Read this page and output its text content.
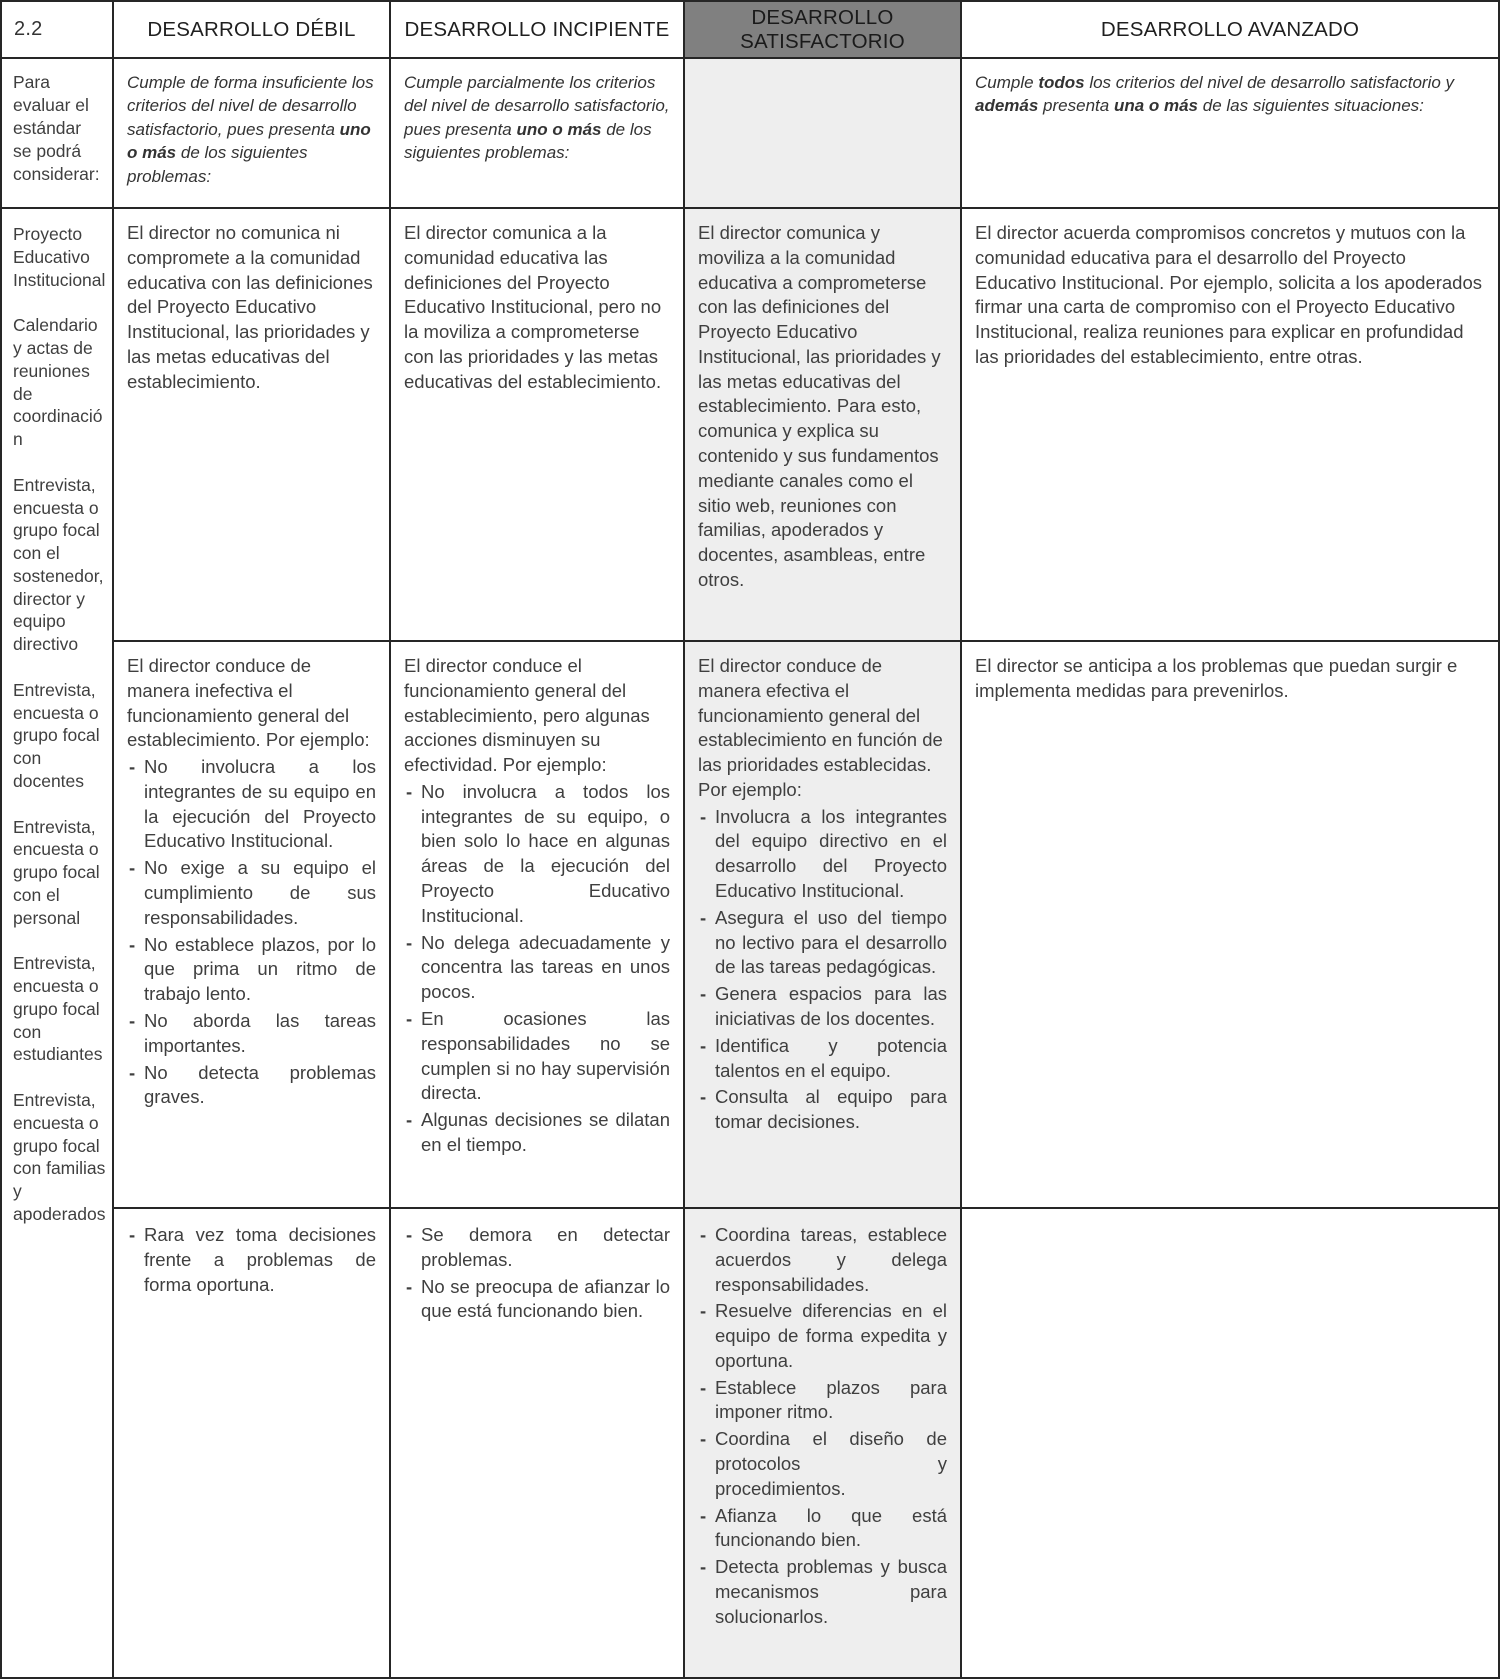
2.2	DESARROLLO DÉBIL	DESARROLLO INCIPIENTE
DESARROLLO SATISFACTORIO
DESARROLLO AVANZADO
Para evaluar el estándar se podrá considerar:
Cumple de forma insuficiente los criterios del nivel de desarrollo satisfactorio, pues presenta uno o más de los siguientes problemas:
Cumple parcialmente los criterios del nivel de desarrollo satisfactorio, pues presenta uno o más de los siguientes problemas:
Cumple todos los criterios del nivel de desarrollo satisfactorio y además presenta una o más de las siguientes situaciones:
Proyecto Educativo Institucional
Calendario y actas de reuniones de coordinación
Entrevista, encuesta o grupo focal con el sostenedor, director y equipo directivo
Entrevista, encuesta o grupo focal con docentes
Entrevista, encuesta o grupo focal con el personal
Entrevista, encuesta o grupo focal con estudiantes
Entrevista, encuesta o grupo focal con familias y apoderados
El director no comunica ni compromete a la comunidad educativa con las definiciones del Proyecto Educativo Institucional, las prioridades y las metas educativas del establecimiento.
El director comunica a la comunidad educativa las definiciones del Proyecto Educativo Institucional, pero no la moviliza a comprometerse con las prioridades y las metas educativas del establecimiento.
El director comunica y moviliza a la comunidad educativa a comprometerse con las definiciones del Proyecto Educativo Institucional, las prioridades y las metas educativas del establecimiento. Para esto, comunica y explica su contenido y sus fundamentos mediante canales como el sitio web, reuniones con familias, apoderados y docentes, asambleas, entre otros.
El director acuerda compromisos concretos y mutuos con la comunidad educativa para el desarrollo del Proyecto Educativo Institucional. Por ejemplo, solicita a los apoderados firmar una carta de compromiso con el Proyecto Educativo Institucional, realiza reuniones para explicar en profundidad las prioridades del establecimiento, entre otras.
El director conduce de manera inefectiva el funcionamiento general del establecimiento. Por ejemplo:
- No involucra a los integrantes de su equipo en la ejecución del Proyecto Educativo Institucional.
- No exige a su equipo el cumplimiento de sus responsabilidades.
- No establece plazos, por lo que prima un ritmo de trabajo lento.
- No aborda las tareas importantes.
- No detecta problemas graves.
El director conduce el funcionamiento general del establecimiento, pero algunas acciones disminuyen su efectividad. Por ejemplo:
- No involucra a todos los integrantes de su equipo, o bien solo lo hace en algunas áreas de la ejecución del Proyecto Educativo Institucional.
- No delega adecuadamente y concentra las tareas en unos pocos.
- En ocasiones las responsabilidades no se cumplen si no hay supervisión directa.
- Algunas decisiones se dilatan en el tiempo.
El director conduce de manera efectiva el funcionamiento general del establecimiento en función de las prioridades establecidas. Por ejemplo:
- Involucra a los integrantes del equipo directivo en el desarrollo del Proyecto Educativo Institucional.
- Asegura el uso del tiempo no lectivo para el desarrollo de las tareas pedagógicas.
- Genera espacios para las iniciativas de los docentes.
- Identifica y potencia talentos en el equipo.
- Consulta al equipo para tomar decisiones.
El director se anticipa a los problemas que puedan surgir e implementa medidas para prevenirlos.
- Rara vez toma decisiones frente a problemas de forma oportuna.
- Se demora en detectar problemas.
- No se preocupa de afianzar lo que está funcionando bien.
- Coordina tareas, establece acuerdos y delega responsabilidades.
- Resuelve diferencias en el equipo de forma expedita y oportuna.
- Establece plazos para imponer ritmo.
- Coordina el diseño de protocolos y procedimientos.
- Afianza lo que está funcionando bien.
- Detecta problemas y busca mecanismos para solucionarlos.
